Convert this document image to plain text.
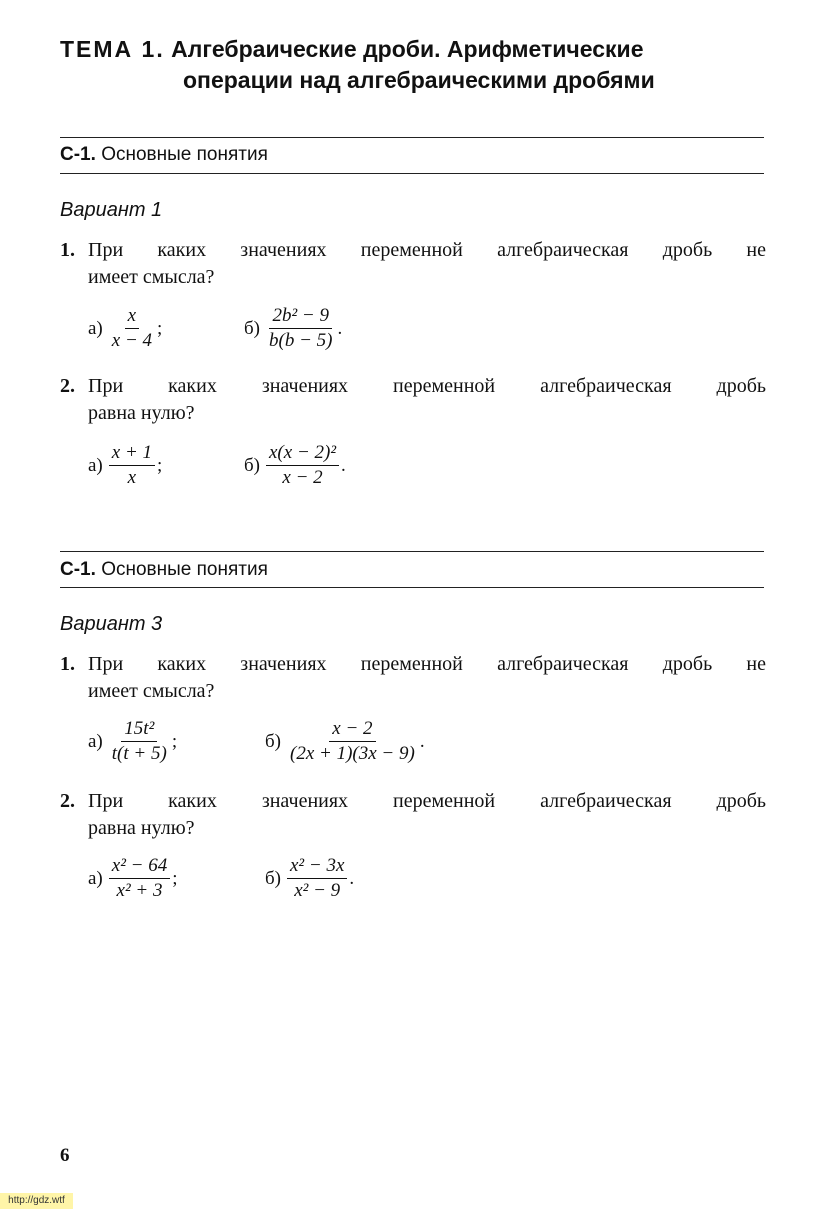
ТЕМА 1. Алгебраические дроби. Арифметические
операции над алгебраическими дробями
С-1. Основные понятия
Вариант 1
1. При каких значениях переменной алгебраическая дробь не
имеет смысла?
$а) \frac{x}{x - 4}$ ;	$б) \frac{\text{2b² − 9}}{b(b - 5)}$ .
2. При каких значениях переменной алгебраическая дробь
равна нулю?
$а) \frac{x + 1}{x}$ ;	$б) \frac{\text{x(x − 2)²}}{x - 2}$ .
С-1. Основные понятия
Вариант 3
1. При каких значениях переменной алгебраическая дробь не
имеет смысла?
$а) \frac{\text{15t²}}{t(t + 5)}$ ;	$б) \frac{x - 2}{(2x + 1)(3x - 9)}$ .
2. При каких значениях переменной алгебраическая дробь
равна нулю?
$а) \frac{\text{x² − 64}}{\text{x² + 3}}$ ;	$б) \frac{\text{x² − 3x}}{\text{x² − 9}}$ .
6
http://gdz.wtf
